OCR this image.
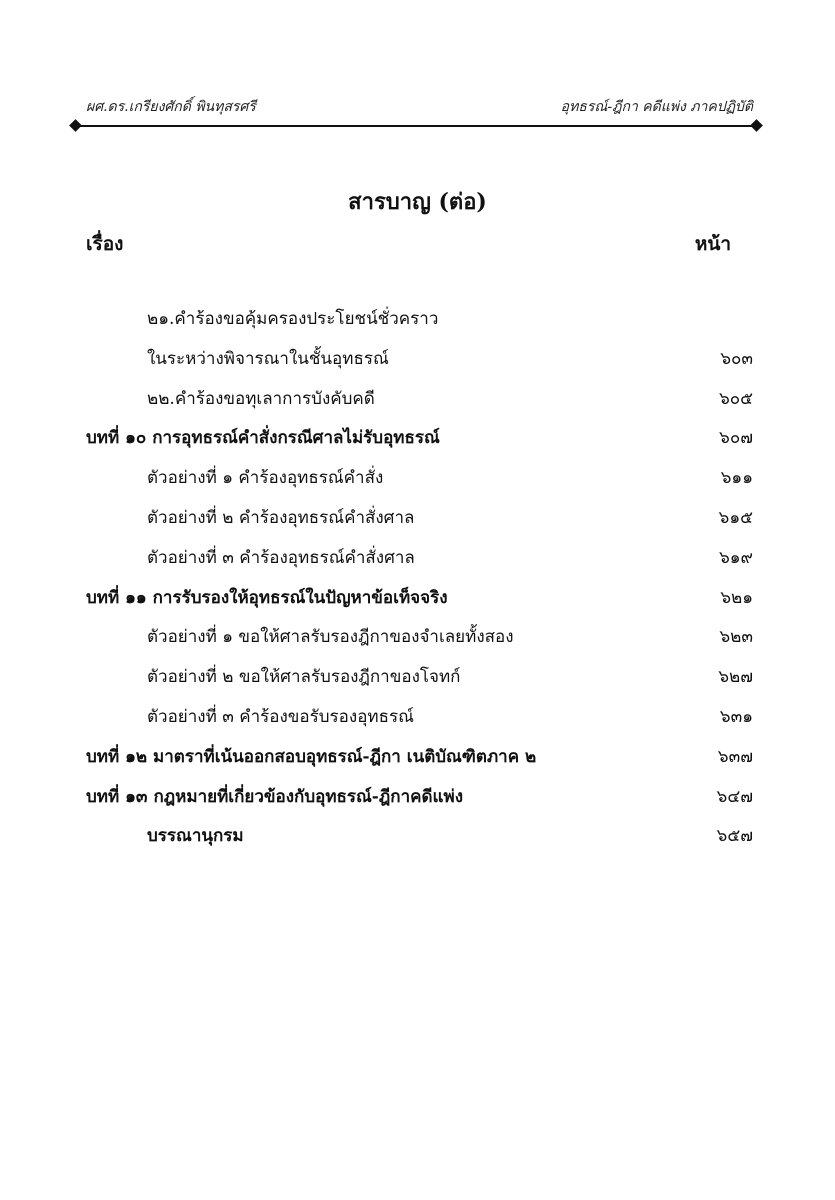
ผศ.ดร.เกรียงศักดิ์ พินทุสรศรี	อุทธรณ์-ฎีกา คดีแพ่ง ภาคปฏิบัติ
สารบาญ (ต่อ)
เรื่อง	หน้า
๒๑.คำร้องขอคุ้มครองประโยชน์ชั่วคราว
ในระหว่างพิจารณาในชั้นอุทธรณ์	๖๐๓
๒๒.คำร้องขอทุเลาการบังคับคดี	๖๐๕
บทที่ ๑๐ การอุทธรณ์คำสั่งกรณีศาลไม่รับอุทธรณ์	๖๐๗
ตัวอย่างที่ ๑ คำร้องอุทธรณ์คำสั่ง	๖๑๑
ตัวอย่างที่ ๒ คำร้องอุทธรณ์คำสั่งศาล	๖๑๕
ตัวอย่างที่ ๓ คำร้องอุทธรณ์คำสั่งศาล	๖๑๙
บทที่ ๑๑ การรับรองให้อุทธรณ์ในปัญหาข้อเท็จจริง	๖๒๑
ตัวอย่างที่ ๑ ขอให้ศาลรับรองฎีกาของจำเลยทั้งสอง	๖๒๓
ตัวอย่างที่ ๒ ขอให้ศาลรับรองฎีกาของโจทก์	๖๒๗
ตัวอย่างที่ ๓ คำร้องขอรับรองอุทธรณ์	๖๓๑
บทที่ ๑๒ มาตราที่เน้นออกสอบอุทธรณ์-ฎีกา เนติบัณฑิตภาค ๒	๖๓๗
บทที่ ๑๓ กฎหมายที่เกี่ยวข้องกับอุทธรณ์-ฎีกาคดีแพ่ง	๖๔๗
บรรณานุกรม	๖๕๗
